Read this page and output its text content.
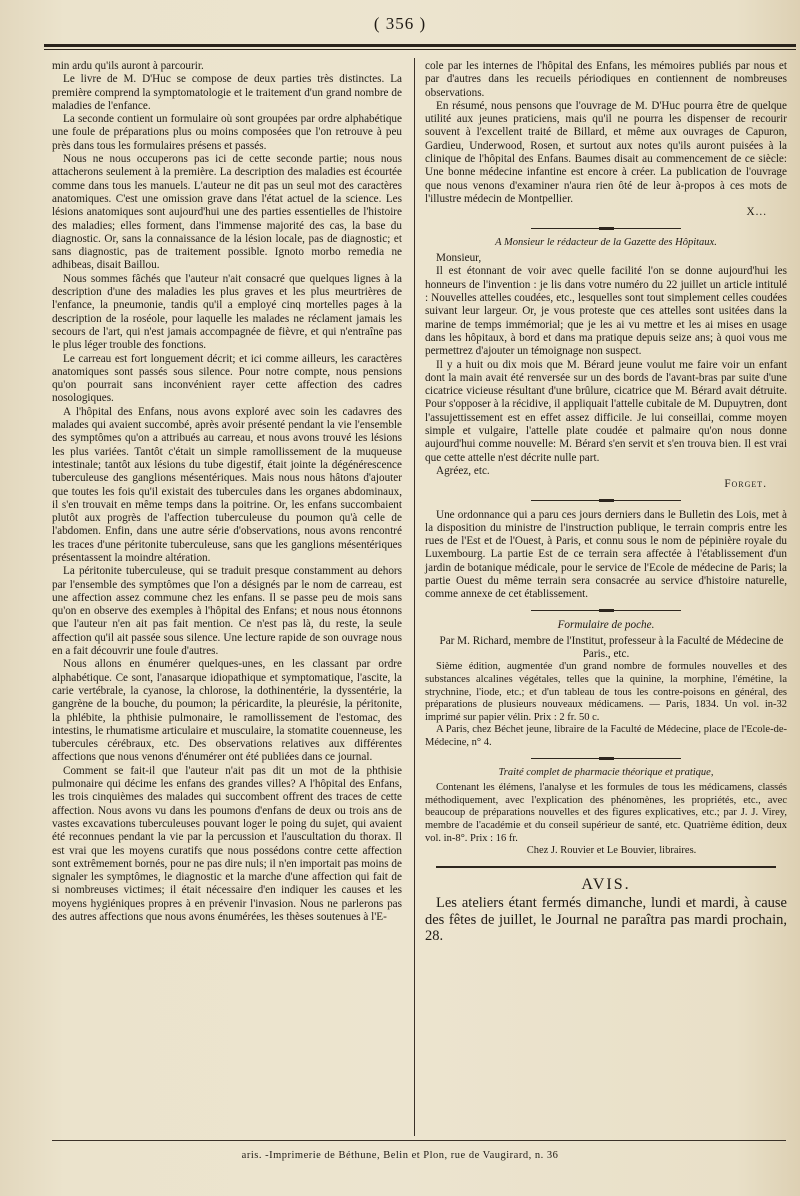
( 356 )

min ardu qu'ils auront à parcourir.

Le livre de M. D'Huc se compose de deux parties très distinctes. La première comprend la symptomatologie et le traitement d'un grand nombre de maladies de l'enfance.

La seconde contient un formulaire où sont groupées par ordre alphabétique une foule de préparations plus ou moins composées que l'on retrouve à peu près dans tous les formulaires présens et passés.

Nous ne nous occuperons pas ici de cette seconde partie; nous nous attacherons seulement à la première. La description des maladies est écourtée comme dans tous les manuels. L'auteur ne dit pas un seul mot des caractères anatomiques. C'est une omission grave dans l'état actuel de la science. Les lésions anatomiques sont aujourd'hui une des parties essentielles de l'histoire des maladies; elles forment, dans l'immense majorité des cas, la base du diagnostic. Or, sans la connaissance de la lésion locale, pas de diagnostic; et sans diagnostic, pas de traitement possible. Ignoto morbo remedia ne adhibeas, disait Baillou.

Nous sommes fâchés que l'auteur n'ait consacré que quelques lignes à la description d'une des maladies les plus graves et les plus meurtrières de l'enfance, la pneumonie, tandis qu'il a employé cinq mortelles pages à la description de la roséole, pour laquelle les malades ne réclament jamais les secours de l'art, qui n'est jamais accompagnée de fièvre, et qui n'entraîne pas le plus léger trouble des fonctions.

Le carreau est fort longuement décrit; et ici comme ailleurs, les caractères anatomiques sont passés sous silence. Pour notre compte, nous pensions qu'on pourrait sans inconvénient rayer cette affection des cadres nosologiques.

A l'hôpital des Enfans, nous avons exploré avec soin les cadavres des malades qui avaient succombé, après avoir présenté pendant la vie l'ensemble des symptômes qu'on a attribués au carreau, et nous avons trouvé les lésions les plus variées. Tantôt c'était un simple ramollissement de la muqueuse intestinale; tantôt aux lésions du tube digestif, était jointe la dégénérescence tuberculeuse des ganglions mésentériques. Mais nous nous hâtons d'ajouter que toutes les fois qu'il existait des tubercules dans les organes abdominaux, il s'en trouvait en même temps dans la poitrine. Or, les enfans succombaient plutôt aux progrès de l'affection tuberculeuse du poumon qu'à celle de l'abdomen. Enfin, dans une autre série d'observations, nous avons rencontré les traces d'une péritonite tuberculeuse, sans que les ganglions mésentériques présentassent la moindre altération.

La péritonite tuberculeuse, qui se traduit presque constamment au dehors par l'ensemble des symptômes que l'on a désignés par le nom de carreau, est une affection assez commune chez les enfans. Il se passe peu de mois sans qu'on en observe des exemples à l'hôpital des Enfans; et nous nous étonnons que l'auteur n'en ait pas fait mention. Ce n'est pas là, du reste, la seule affection qu'il ait passée sous silence. Une lecture rapide de son ouvrage nous en a fait découvrir une foule d'autres.

Nous allons en énumérer quelques-unes, en les classant par ordre alphabétique. Ce sont, l'anasarque idiopathique et symptomatique, l'ascite, la carie vertébrale, la cyanose, la chlorose, la dothinentérie, la dyssentérie, la gangrène de la bouche, du poumon; la péricardite, la pleurésie, la péritonite, la phlébite, la phthisie pulmonaire, le ramollissement de l'estomac, des intestins, le rhumatisme articulaire et musculaire, la stomatite couenneuse, les tubercules cérébraux, etc. Des observations relatives aux différentes affections que nous venons d'énumérer ont été publiées dans ce journal.

Comment se fait-il que l'auteur n'ait pas dit un mot de la phthisie pulmonaire qui décime les enfans des grandes villes? A l'hôpital des Enfans, les trois cinquièmes des malades qui succombent offrent des traces de cette affection. Nous avons vu dans les poumons d'enfans de deux ou trois ans de vastes excavations tuberculeuses pouvant loger le poing du sujet, qui avaient été reconnues pendant la vie par la percussion et l'auscultation du thorax. Il est vrai que les moyens curatifs que nous possédons contre cette affection sont extrêmement bornés, pour ne pas dire nuls; il n'en importait pas moins de signaler les symptômes, le diagnostic et la marche d'une affection qui fait de si nombreuses victimes; il était nécessaire d'en indiquer les causes et les moyens hygiéniques propres à en prévenir l'invasion. Nous ne parlerons pas des autres affections que nous avons énumérées, les thèses soutenues à l'E-

cole par les internes de l'hôpital des Enfans, les mémoires publiés par nous et par d'autres dans les recueils périodiques en contiennent de nombreuses observations.

En résumé, nous pensons que l'ouvrage de M. D'Huc pourra être de quelque utilité aux jeunes praticiens, mais qu'il ne pourra les dispenser de recourir souvent à l'excellent traité de Billard, et même aux ouvrages de Capuron, Gardieu, Underwood, Rosen, et surtout aux notes qu'ils auront puisées à la clinique de l'hôpital des Enfans. Baumes disait au commencement de ce siècle: Une bonne médecine infantine est encore à créer. La publication de l'ouvrage que nous venons d'examiner n'aura rien ôté de leur à-propos à ces mots de l'illustre médecin de Montpellier.

X...
A Monsieur le rédacteur de la Gazette des Hôpitaux.

Monsieur,

Il est étonnant de voir avec quelle facilité l'on se donne aujourd'hui les honneurs de l'invention : je lis dans votre numéro du 22 juillet un article intitulé : Nouvelles attelles coudées, etc., lesquelles sont tout simplement celles coudées suivant leur largeur. Or, je vous proteste que ces attelles sont usitées dans la marine de temps immémorial; que je les ai vu mettre et les ai mises en usage dans les hôpitaux, à bord et dans ma pratique depuis seize ans; à quoi vous me permettrez d'ajouter un témoignage non suspect.

Il y a huit ou dix mois que M. Bérard jeune voulut me faire voir un enfant dont la main avait été renversée sur un des bords de l'avant-bras par suite d'une cicatrice vicieuse résultant d'une brûlure, cicatrice que M. Bérard avait détruite. Pour s'opposer à la récidive, il appliquait l'attelle cubitale de M. Dupuytren, dont l'assujettissement est en effet assez difficile. Je lui conseillai, comme moyen simple et vulgaire, l'attelle plate coudée et palmaire qu'on nous donne aujourd'hui comme nouvelle: M. Bérard s'en servit et s'en trouva bien. Il est vrai que cette attelle n'est décrite nulle part.

Agréez, etc.

Forget.

Une ordonnance qui a paru ces jours derniers dans le Bulletin des Lois, met à la disposition du ministre de l'instruction publique, le terrain compris entre les rues de l'Est et de l'Ouest, à Paris, et connu sous le nom de pépinière royale du Luxembourg. La partie Est de ce terrain sera affectée à l'établissement d'un jardin de botanique médicale, pour le service de l'Ecole de médecine de Paris; la partie Ouest du même terrain sera consacrée au service d'histoire naturelle, comme annexe de cet établissement.

Formulaire de poche.

Par M. Richard, membre de l'Institut, professeur à la Faculté de Médecine de Paris., etc.

Sième édition, augmentée d'un grand nombre de formules nouvelles et des substances alcalines végétales, telles que la quinine, la morphine, l'émétine, la strychnine, l'iode, etc.; et d'un tableau de tous les contre-poisons en général, des préparations de plusieurs nouveaux médicamens. — Paris, 1834. Un vol. in-32 imprimé sur papier vélin. Prix : 2 fr. 50 c.

A Paris, chez Béchet jeune, libraire de la Faculté de Médecine, place de l'Ecole-de-Médecine, n° 4.

Traité complet de pharmacie théorique et pratique,

Contenant les élémens, l'analyse et les formules de tous les médicamens, classés méthodiquement, avec l'explication des phénomènes, les propriétés, etc., avec beaucoup de préparations nouvelles et des figures explicatives, etc.; par J. J. Virey, membre de l'académie et du conseil supérieur de santé, etc. Quatrième édition, deux vol. in-8°. Prix : 16 fr.

Chez J. Rouvier et Le Bouvier, libraires.

AVIS.

Les ateliers étant fermés dimanche, lundi et mardi, à cause des fêtes de juillet, le Journal ne paraîtra pas mardi prochain, 28.

aris. -Imprimerie de Béthune, Belin et Plon, rue de Vaugirard, n. 36
